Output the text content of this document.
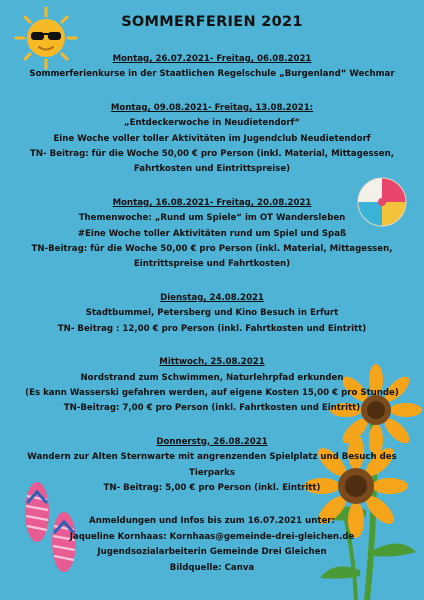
SOMMERFERIEN 2021
Montag, 26.07.2021- Freitag, 06.08.2021
Sommerferienkurse in der Staatlichen Regelschule „Burgenland“ Wechmar
Montag, 09.08.2021- Freitag, 13.08.2021:
„Entdeckerwoche in Neudietendorf“
Eine Woche voller toller Aktivitäten im Jugendclub Neudietendorf
TN- Beitrag: für die Woche 50,00 € pro Person (inkl. Material, Mittagessen,
Fahrtkosten und Eintrittspreise)
Montag, 16.08.2021- Freitag, 20.08.2021
Themenwoche: „Rund um Spiele“ im OT Wandersleben
#Eine Woche toller Aktivitäten rund um Spiel und Spaß
TN-Beitrag: für die Woche 50,00 € pro Person (inkl. Material, Mittagessen,
Eintrittspreise und Fahrtkosten)
Dienstag, 24.08.2021
Stadtbummel, Petersberg und Kino Besuch in Erfurt
TN- Beitrag : 12,00 € pro Person (inkl. Fahrtkosten und Eintritt)
Mittwoch, 25.08.2021
Nordstrand zum Schwimmen, Naturlehrpfad erkunden
(Es kann Wasserski gefahren werden, auf eigene Kosten 15,00 € pro Stunde)
TN-Beitrag: 7,00 € pro Person (inkl. Fahrtkosten und Eintritt)
Donnerstg, 26.08.2021
Wandern zur Alten Sternwarte mit angrenzenden Spielplatz und Besuch des
Tierparks
TN- Beitrag: 5,00 € pro Person (inkl. Eintritt)
Anmeldungen und Infos bis zum 16.07.2021 unter:
Jaqueline Kornhaas: Kornhaas@gemeinde-drei-gleichen.de
Jugendsozialarbeiterin Gemeinde Drei Gleichen
Bildquelle: Canva
